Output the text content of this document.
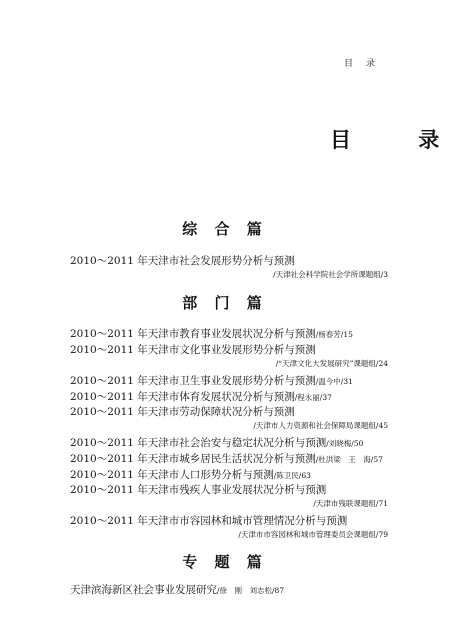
目 录
目 录
综 合 篇
2010～2011 年天津市社会发展形势分析与预测
/天津社会科学院社会学所课题组/3
部 门 篇
2010～2011 年天津市教育事业发展状况分析与预测/杨春芳/15
2010～2011 年天津市文化事业发展形势分析与预测
/“天津文化大发展研究”课题组/24
2010～2011 年天津市卫生事业发展形势分析与预测/温今中/31
2010～2011 年天津市体育发展状况分析与预测/程永丽/37
2010～2011 年天津市劳动保障状况分析与预测
/天津市人力资源和社会保障局课题组/45
2010～2011 年天津市社会治安与稳定状况分析与预测/刘晓梅/50
2010～2011 年天津市城乡居民生活状况分析与预测/杜洪梁　王　海/57
2010～2011 年天津市人口形势分析与预测/陈卫民/63
2010～2011 年天津市残疾人事业发展状况分析与预测
/天津市残联课题组/71
2010～2011 年天津市市容园林和城市管理情况分析与预测
/天津市市容园林和城市管理委员会课题组/79
专 题 篇
天津滨海新区社会事业发展研究/徐　刚　刘志松/87
